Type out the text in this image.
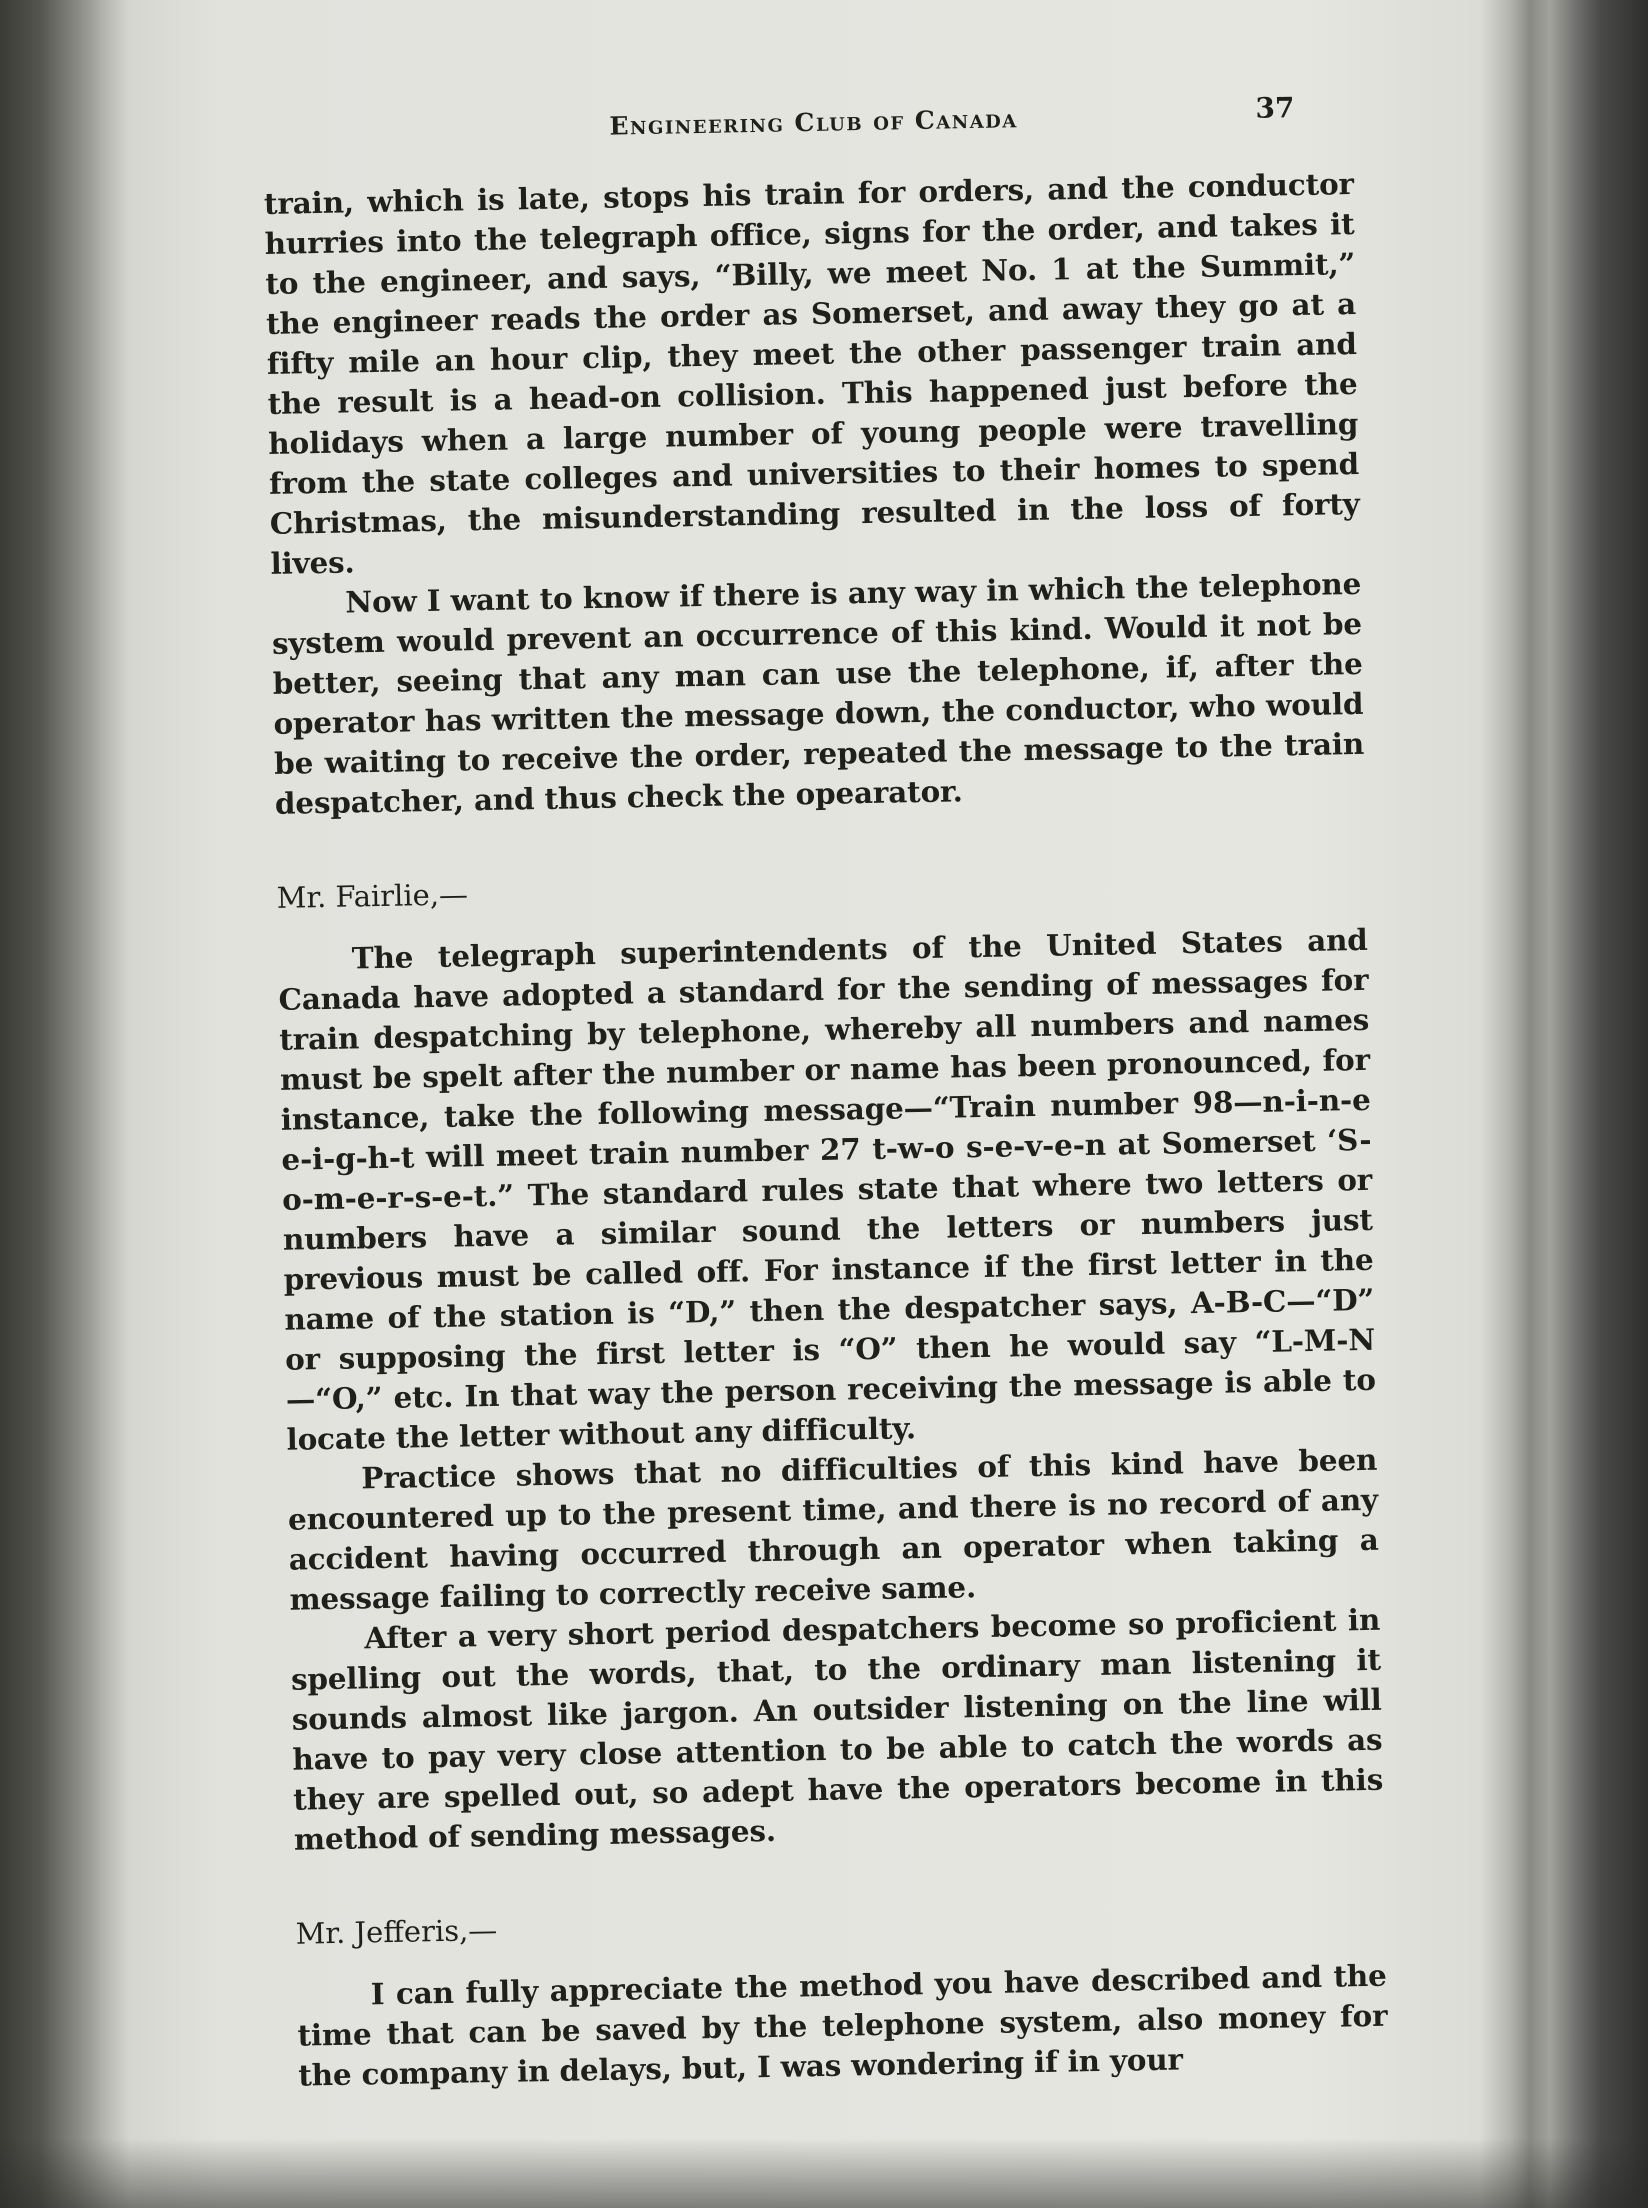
Engineering Club of Canada	37

train, which is late, stops his train for orders, and the conductor hurries into the telegraph office, signs for the order, and takes it to the engineer, and says, “Billy, we meet No. 1 at the Summit,” the engineer reads the order as Somerset, and away they go at a fifty mile an hour clip, they meet the other passenger train and the result is a head-on collision. This happened just before the holidays when a large number of young people were travelling from the state colleges and universities to their homes to spend Christmas, the misunderstanding resulted in the loss of forty lives.

Now I want to know if there is any way in which the telephone system would prevent an occurrence of this kind. Would it not be better, seeing that any man can use the telephone, if, after the operator has written the message down, the conductor, who would be waiting to receive the order, repeated the message to the train despatcher, and thus check the opearator.

Mr. Fairlie,—

The telegraph superintendents of the United States and Canada have adopted a standard for the sending of messages for train despatching by telephone, whereby all numbers and names must be spelt after the number or name has been pronounced, for instance, take the following message—“Train number 98—n-i-n-e e-i-g-h-t will meet train number 27 t-w-o s-e-v-e-n at Somerset ‘S-o-m-e-r-s-e-t.” The standard rules state that where two letters or numbers have a similar sound the letters or numbers just previous must be called off. For instance if the first letter in the name of the station is “D,” then the despatcher says, A-B-C—“D” or supposing the first letter is “O” then he would say “L-M-N—“O,” etc. In that way the person receiving the message is able to locate the letter without any difficulty.

Practice shows that no difficulties of this kind have been encountered up to the present time, and there is no record of any accident having occurred through an operator when taking a message failing to correctly receive same.

After a very short period despatchers become so proficient in spelling out the words, that, to the ordinary man listening it sounds almost like jargon. An outsider listening on the line will have to pay very close attention to be able to catch the words as they are spelled out, so adept have the operators become in this method of sending messages.

Mr. Jefferis,—

I can fully appreciate the method you have described and the time that can be saved by the telephone system, also money for the company in delays, but, I was wondering if in your
